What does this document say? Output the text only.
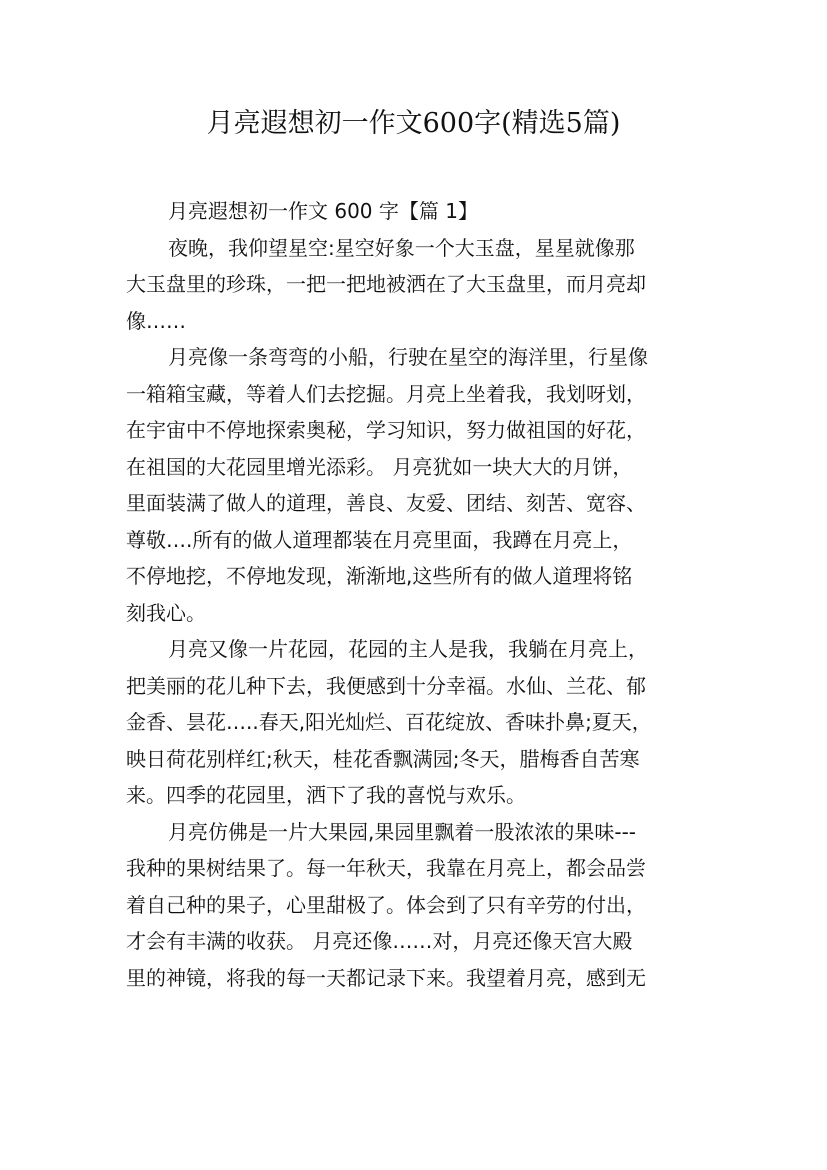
月亮遐想初一作文600字(精选5篇)
月亮遐想初一作文 600 字【篇 1】

夜晚，我仰望星空:星空好象一个大玉盘，星星就像那
大玉盘里的珍珠，一把一把地被洒在了大玉盘里，而月亮却
像……

月亮像一条弯弯的小船，行驶在星空的海洋里，行星像
一箱箱宝藏，等着人们去挖掘。月亮上坐着我，我划呀划，
在宇宙中不停地探索奥秘，学习知识，努力做祖国的好花，
在祖国的大花园里增光添彩。 月亮犹如一块大大的月饼，
里面装满了做人的道理，善良、友爱、团结、刻苦、宽容、
尊敬….所有的做人道理都装在月亮里面，我蹲在月亮上，
不停地挖，不停地发现，渐渐地,这些所有的做人道理将铭
刻我心。

月亮又像一片花园，花园的主人是我，我躺在月亮上，
把美丽的花儿种下去，我便感到十分幸福。水仙、兰花、郁
金香、昙花…..春天,阳光灿烂、百花绽放、香味扑鼻;夏天，
映日荷花别样红;秋天，桂花香飘满园;冬天，腊梅香自苦寒
来。四季的花园里，洒下了我的喜悦与欢乐。

月亮仿佛是一片大果园,果园里飘着一股浓浓的果味---
我种的果树结果了。每一年秋天，我靠在月亮上，都会品尝
着自己种的果子，心里甜极了。体会到了只有辛劳的付出，
才会有丰满的收获。 月亮还像……对，月亮还像天宫大殿
里的神镜，将我的每一天都记录下来。我望着月亮，感到无
